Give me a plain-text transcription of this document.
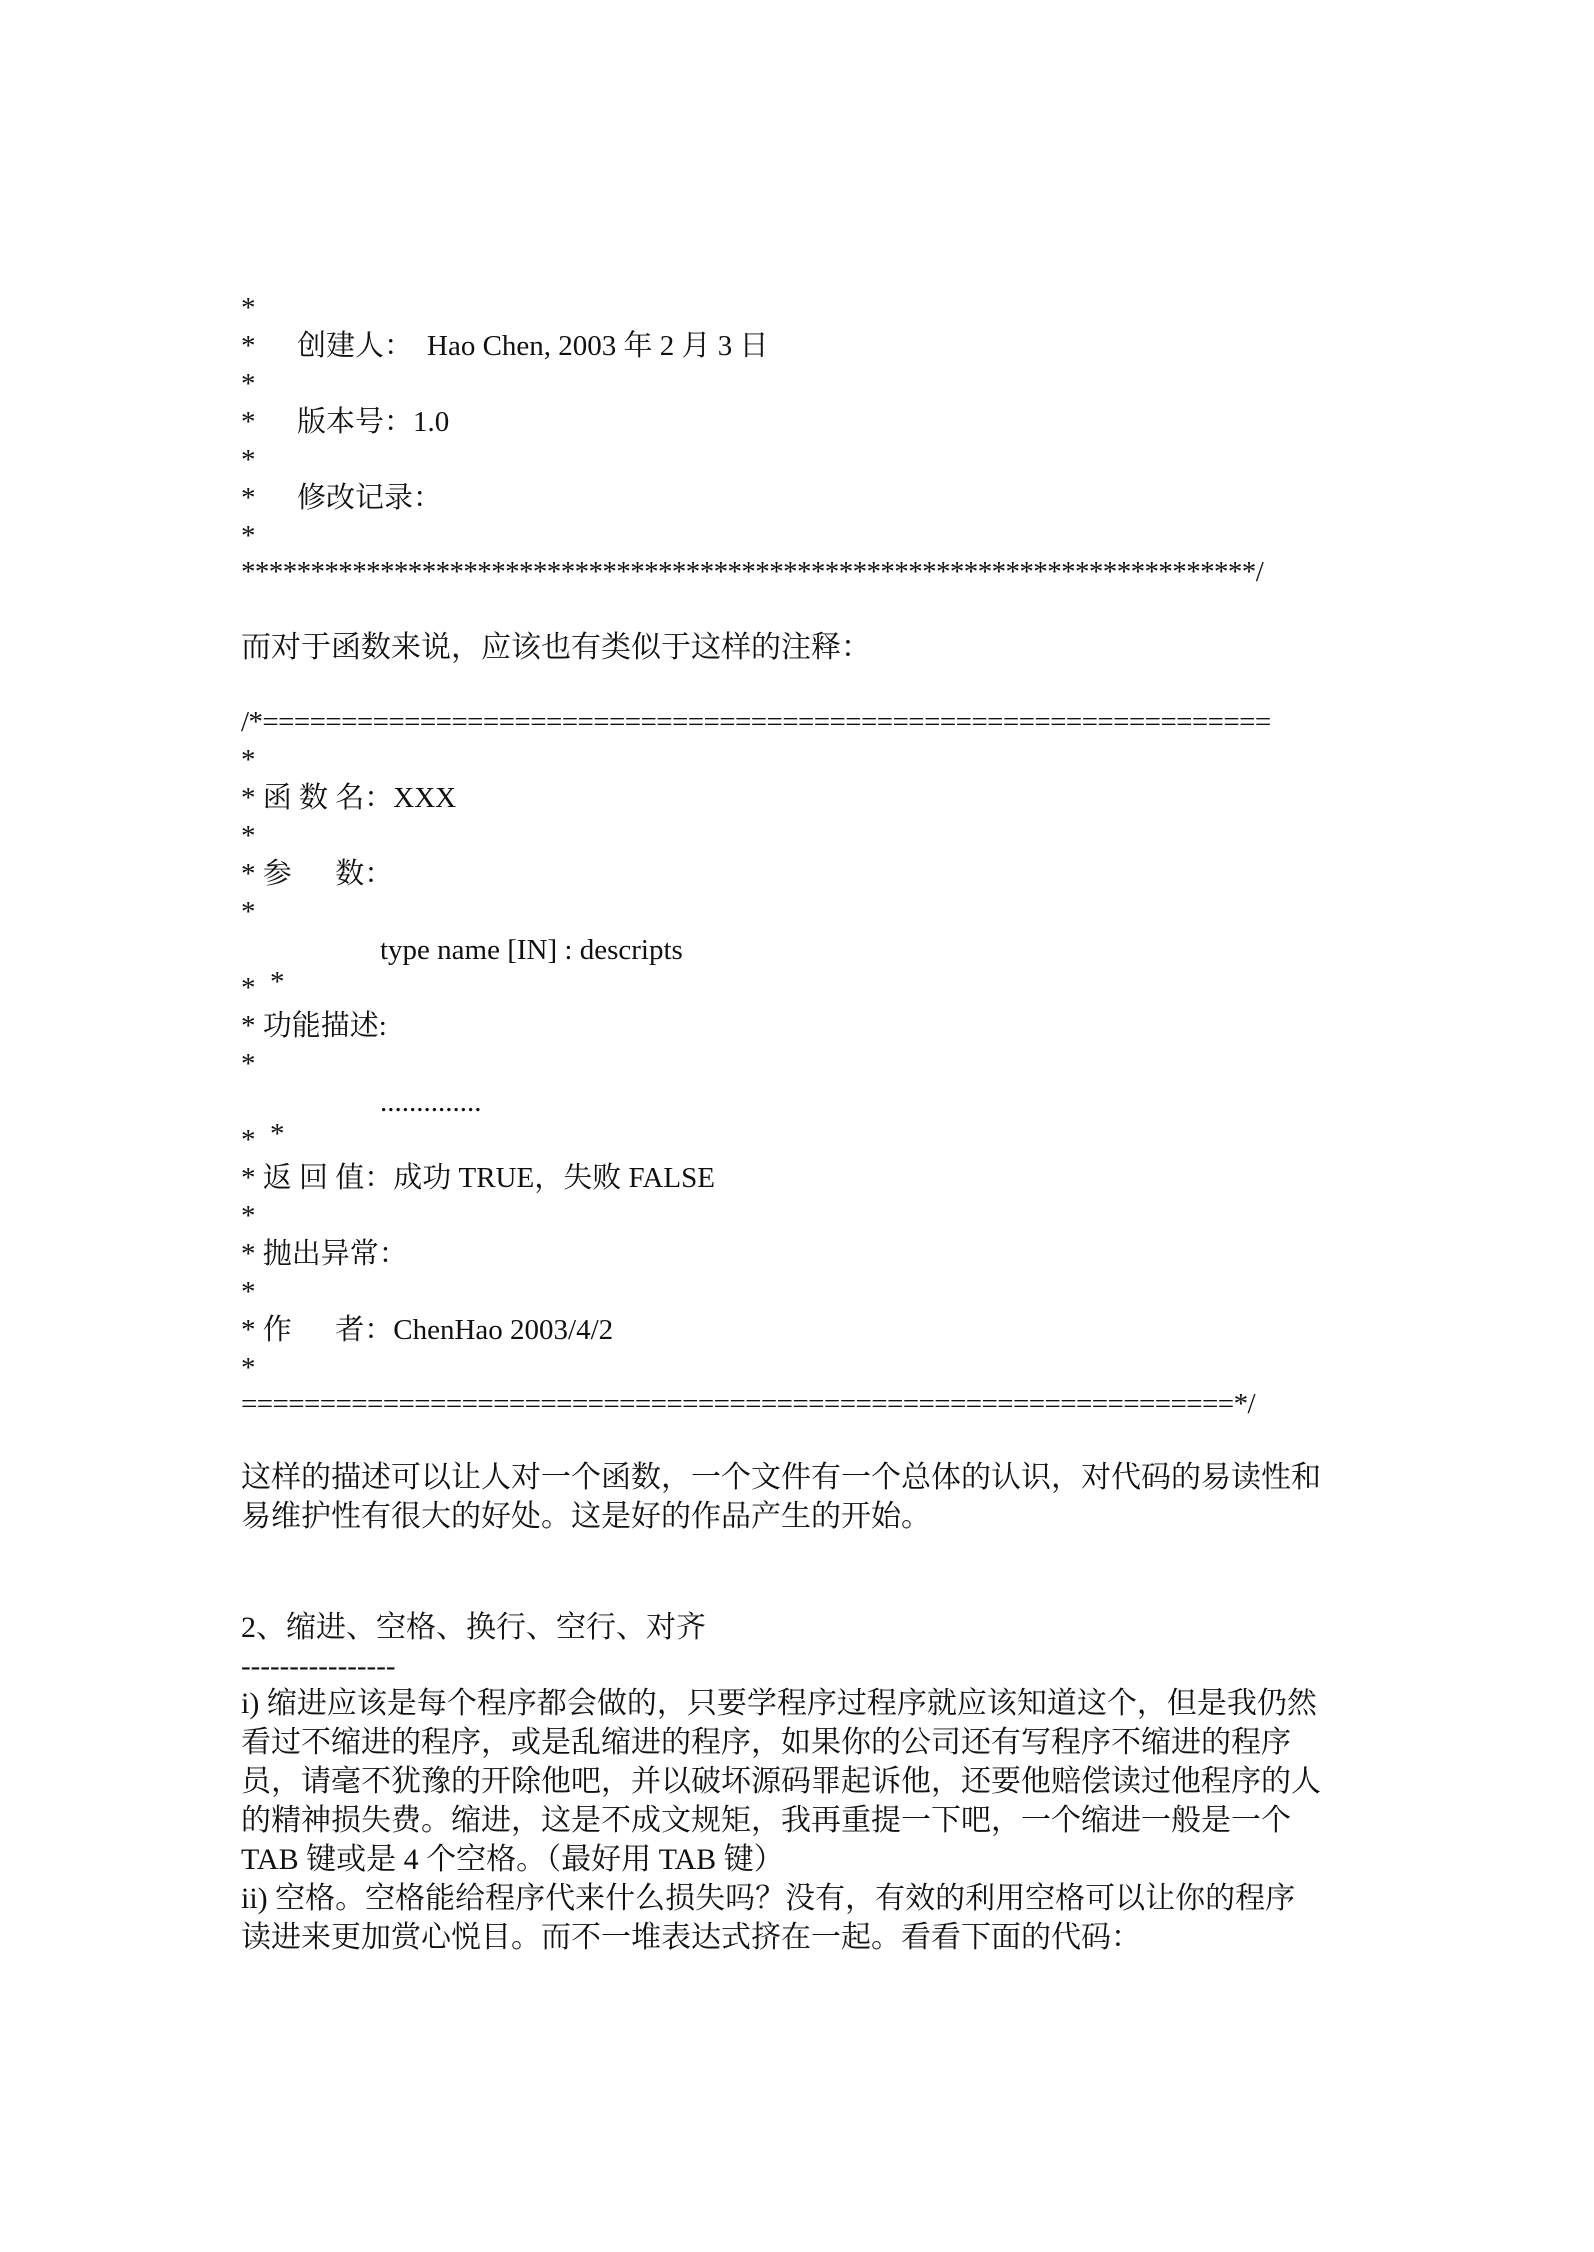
*
* 创建人： Hao Chen, 2003 年 2 月 3 日
*
* 版本号：1.0
*
* 修改记录：
*
*************************************************************************/
而对于函数来说，应该也有类似于这样的注释：
/*================================================================
*
* 函 数 名：XXX
*
* 参      数：
*

*
type name [IN] : descripts

*
* 功能描述:
*

*
..............

*
* 返 回 值：成功 TRUE，失败 FALSE
*
* 抛出异常：
*
* 作      者：ChenHao 2003/4/2
*
===============================================================*/

这样的描述可以让人对一个函数，一个文件有一个总体的认识，对代码的易读性和

易维护性有很大的好处。这是好的作品产生的开始。

2、缩进、空格、换行、空行、对齐
----------------

i) 缩进应该是每个程序都会做的，只要学程序过程序就应该知道这个，但是我仍然

看过不缩进的程序，或是乱缩进的程序，如果你的公司还有写程序不缩进的程序

员，请毫不犹豫的开除他吧，并以破坏源码罪起诉他，还要他赔偿读过他程序的人

的精神损失费。缩进，这是不成文规矩，我再重提一下吧，一个缩进一般是一个

TAB 键或是 4 个空格。（最好用 TAB 键）

ii) 空格。空格能给程序代来什么损失吗？没有，有效的利用空格可以让你的程序

读进来更加赏心悦目。而不一堆表达式挤在一起。看看下面的代码：
